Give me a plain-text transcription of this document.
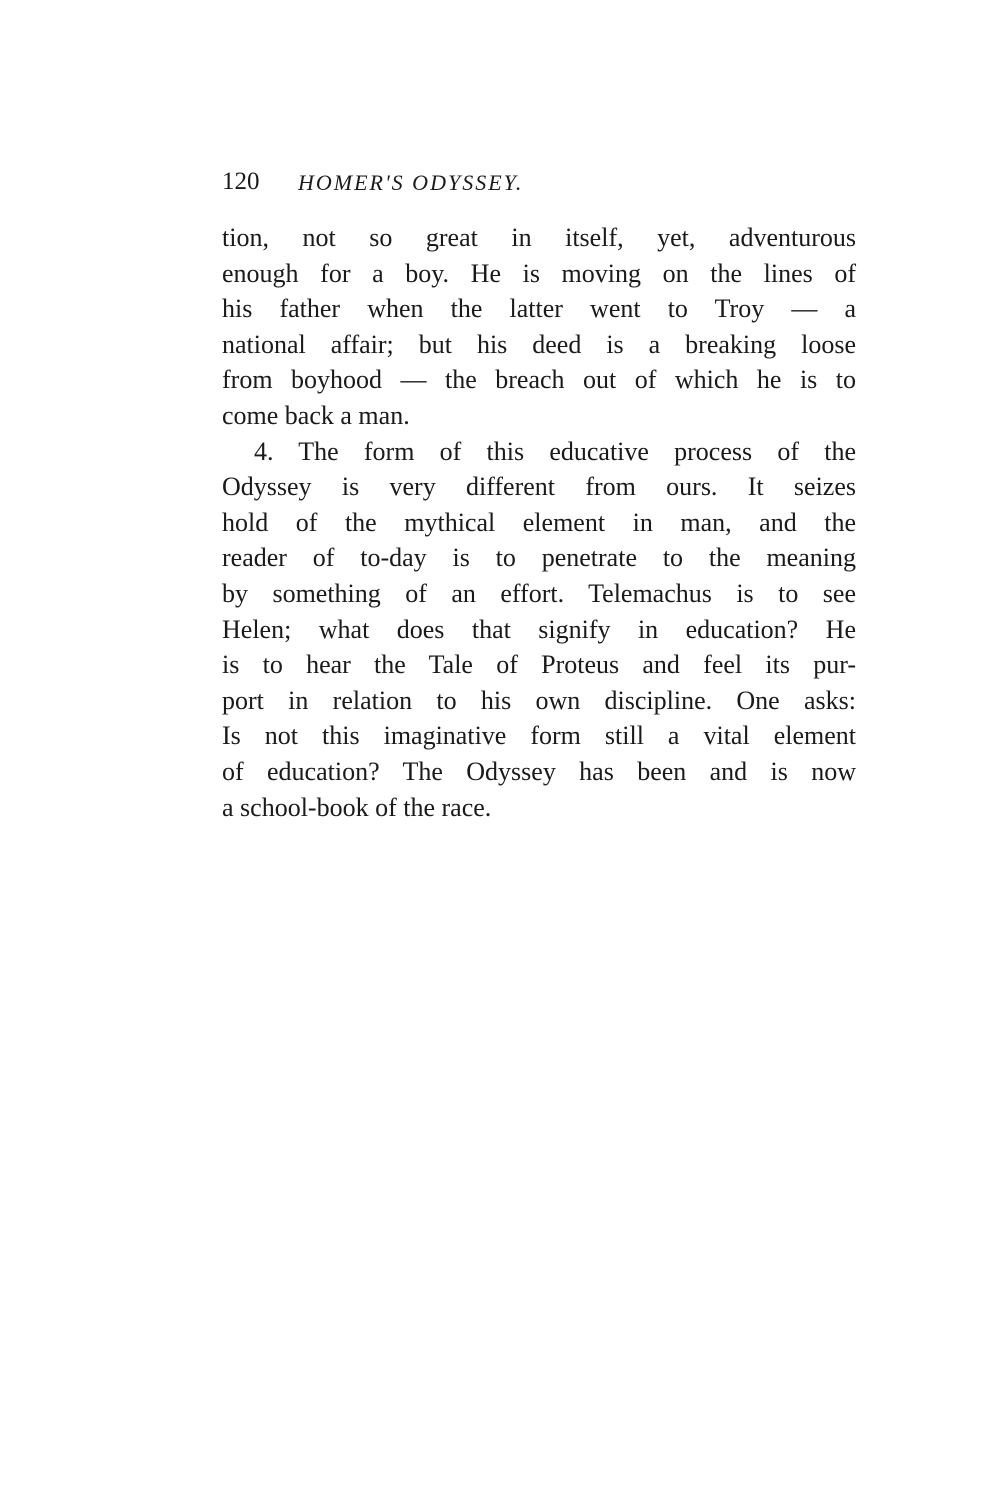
120 HOMER'S ODYSSEY.
tion, not so great in itself, yet, adventurous
enough for a boy. He is moving on the lines of
his father when the latter went to Troy — a
national affair; but his deed is a breaking loose
from boyhood — the breach out of which he is to
come back a man.
4. The form of this educative process of the
Odyssey is very different from ours. It seizes
hold of the mythical element in man, and the
reader of to-day is to penetrate to the meaning
by something of an effort. Telemachus is to see
Helen; what does that signify in education? He
is to hear the Tale of Proteus and feel its pur-
port in relation to his own discipline. One asks:
Is not this imaginative form still a vital element
of education? The Odyssey has been and is now
a school-book of the race.
